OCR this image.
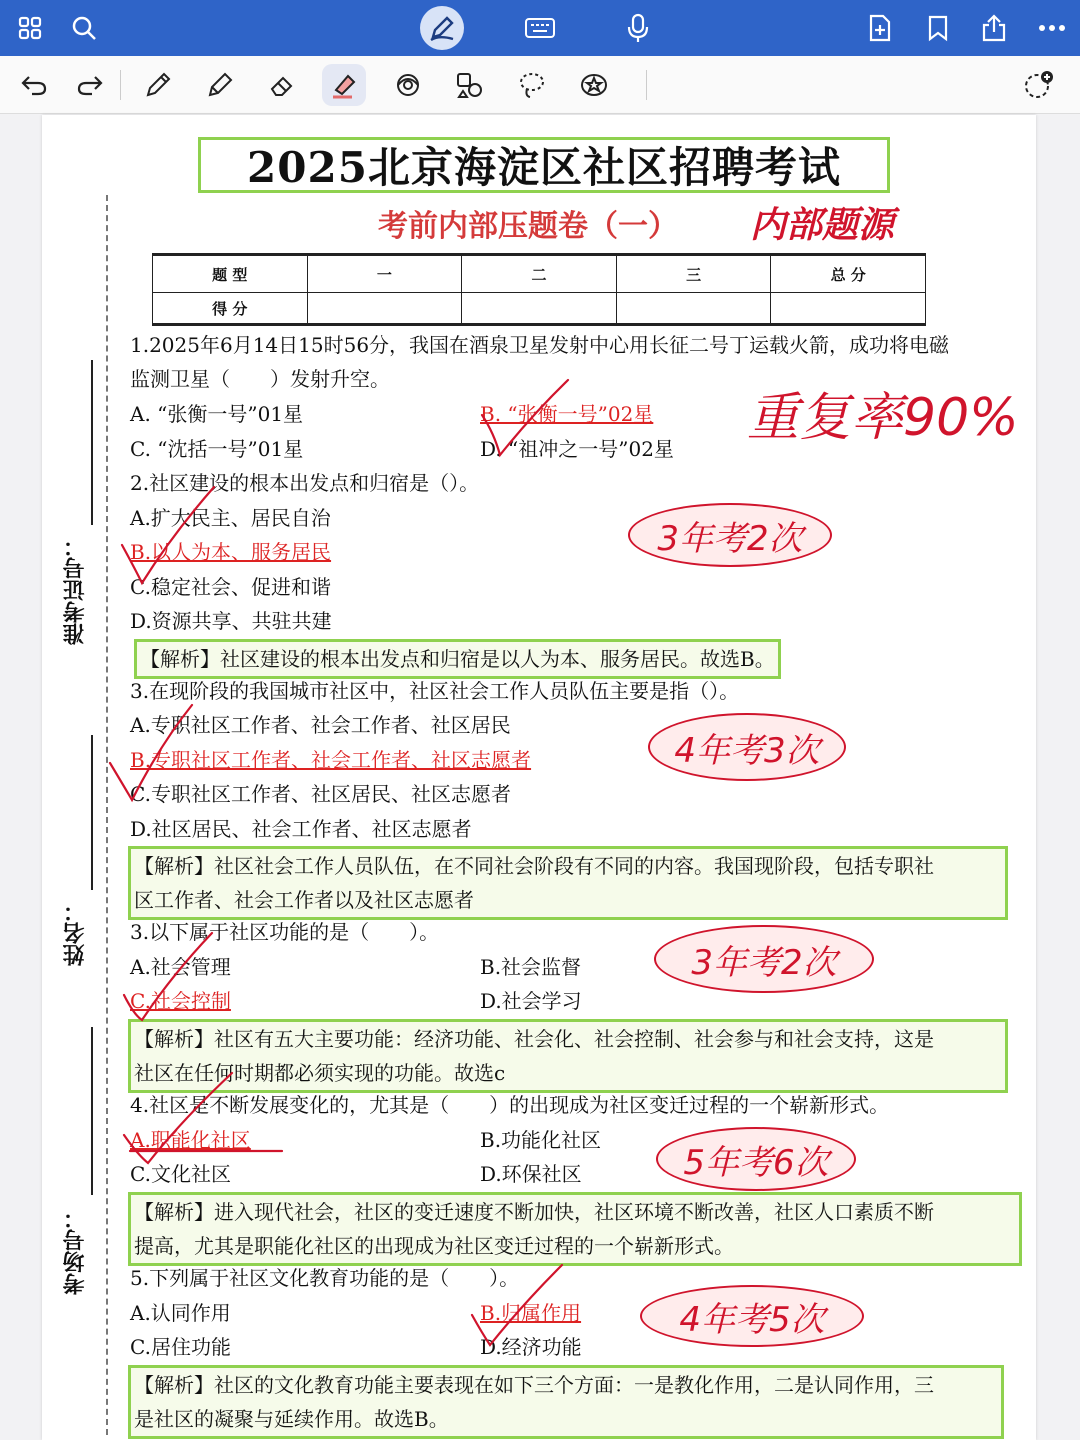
2025北京海淀区社区招聘考试
考前内部压题卷（一） 内部题源
准考证号：
姓名：
考场号：
题 型	一	二	三	总 分
得 分				
1.2025年6月14日15时56分，我国在酒泉卫星发射中心用长征二号丁运载火箭，成功将电磁
监测卫星（　　）发射升空。
A. “张衡一号”01星	B. “张衡一号”02星
C. “沈括一号”01星	D. “祖冲之一号”02星
重复率90%
2.社区建设的根本出发点和归宿是（）。
A.扩大民主、居民自治
B.以人为本、服务居民
C.稳定社会、促进和谐
D.资源共享、共驻共建
【解析】社区建设的根本出发点和归宿是以人为本、服务居民。故选B。
3年考2次
3.在现阶段的我国城市社区中，社区社会工作人员队伍主要是指（）。
A.专职社区工作者、社会工作者、社区居民
B.专职社区工作者、社会工作者、社区志愿者
C.专职社区工作者、社区居民、社区志愿者
D.社区居民、社会工作者、社区志愿者
【解析】社区社会工作人员队伍，在不同社会阶段有不同的内容。我国现阶段，包括专职社
区工作者、社会工作者以及社区志愿者
4年考3次
3.以下属于社区功能的是（　　）。
A.社会管理	B.社会监督
C.社会控制	D.社会学习
【解析】社区有五大主要功能：经济功能、社会化、社会控制、社会参与和社会支持，这是
社区在任何时期都必须实现的功能。故选c
3年考2次
4.社区是不断发展变化的，尤其是（　　）的出现成为社区变迁过程的一个崭新形式。
A.职能化社区	B.功能化社区
C.文化社区	D.环保社区
【解析】进入现代社会，社区的变迁速度不断加快，社区环境不断改善，社区人口素质不断
提高，尤其是职能化社区的出现成为社区变迁过程的一个崭新形式。
5年考6次
5.下列属于社区文化教育功能的是（　　）。
A.认同作用	B.归属作用
C.居住功能	D.经济功能
【解析】社区的文化教育功能主要表现在如下三个方面：一是教化作用，二是认同作用，三
是社区的凝聚与延续作用。故选B。
4年考5次
